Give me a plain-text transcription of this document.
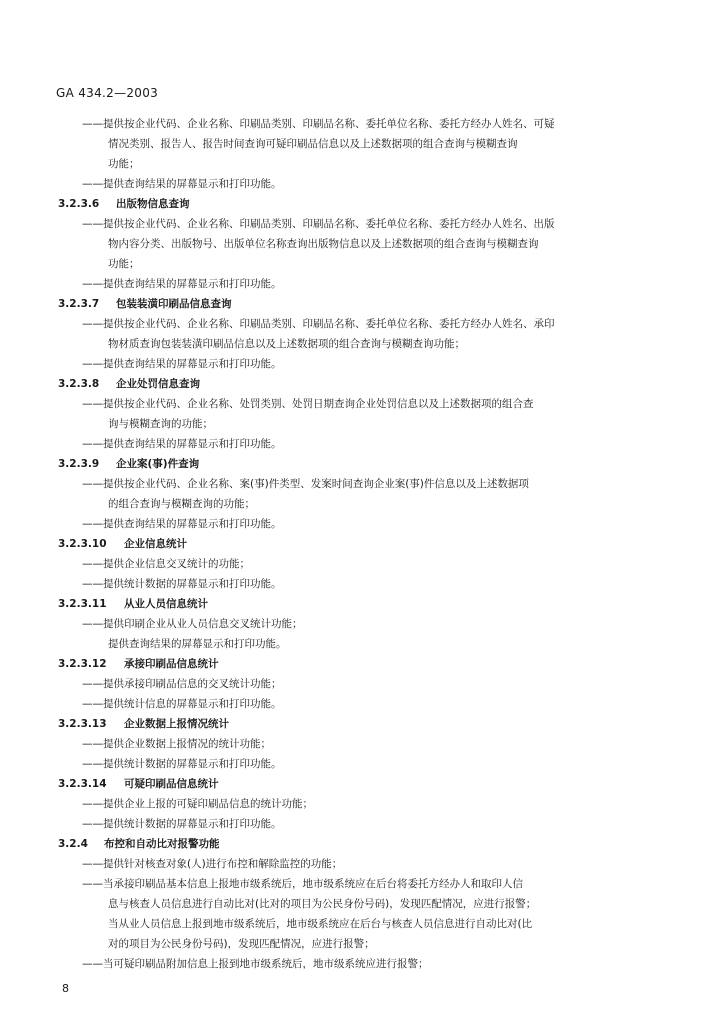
GA 434.2—2003
——提供按企业代码、企业名称、印刷品类别、印刷品名称、委托单位名称、委托方经办人姓名、可疑
情况类别、报告人、报告时间查询可疑印刷品信息以及上述数据项的组合查询与模糊查询
功能；
——提供查询结果的屏幕显示和打印功能。
3.2.3.6 出版物信息查询
——提供按企业代码、企业名称、印刷品类别、印刷品名称、委托单位名称、委托方经办人姓名、出版
物内容分类、出版物号、出版单位名称查询出版物信息以及上述数据项的组合查询与模糊查询
功能；
——提供查询结果的屏幕显示和打印功能。
3.2.3.7 包装装潢印刷品信息查询
——提供按企业代码、企业名称、印刷品类别、印刷品名称、委托单位名称、委托方经办人姓名、承印
物材质查询包装装潢印刷品信息以及上述数据项的组合查询与模糊查询功能；
——提供查询结果的屏幕显示和打印功能。
3.2.3.8 企业处罚信息查询
——提供按企业代码、企业名称、处罚类别、处罚日期查询企业处罚信息以及上述数据项的组合查
询与模糊查询的功能；
——提供查询结果的屏幕显示和打印功能。
3.2.3.9 企业案(事)件查询
——提供按企业代码、企业名称、案(事)件类型、发案时间查询企业案(事)件信息以及上述数据项
的组合查询与模糊查询的功能；
——提供查询结果的屏幕显示和打印功能。
3.2.3.10 企业信息统计
——提供企业信息交叉统计的功能；
——提供统计数据的屏幕显示和打印功能。
3.2.3.11 从业人员信息统计
——提供印刷企业从业人员信息交叉统计功能；
提供查询结果的屏幕显示和打印功能。
3.2.3.12 承接印刷品信息统计
——提供承接印刷品信息的交叉统计功能；
——提供统计信息的屏幕显示和打印功能。
3.2.3.13 企业数据上报情况统计
——提供企业数据上报情况的统计功能；
——提供统计数据的屏幕显示和打印功能。
3.2.3.14 可疑印刷品信息统计
——提供企业上报的可疑印刷品信息的统计功能；
——提供统计数据的屏幕显示和打印功能。
3.2.4 布控和自动比对报警功能
——提供针对核查对象(人)进行布控和解除监控的功能；
——当承接印刷品基本信息上报地市级系统后，地市级系统应在后台将委托方经办人和取印人信
息与核查人员信息进行自动比对(比对的项目为公民身份号码)，发现匹配情况，应进行报警；
当从业人员信息上报到地市级系统后，地市级系统应在后台与核查人员信息进行自动比对(比
对的项目为公民身份号码)，发现匹配情况，应进行报警；
——当可疑印刷品附加信息上报到地市级系统后，地市级系统应进行报警；
8
